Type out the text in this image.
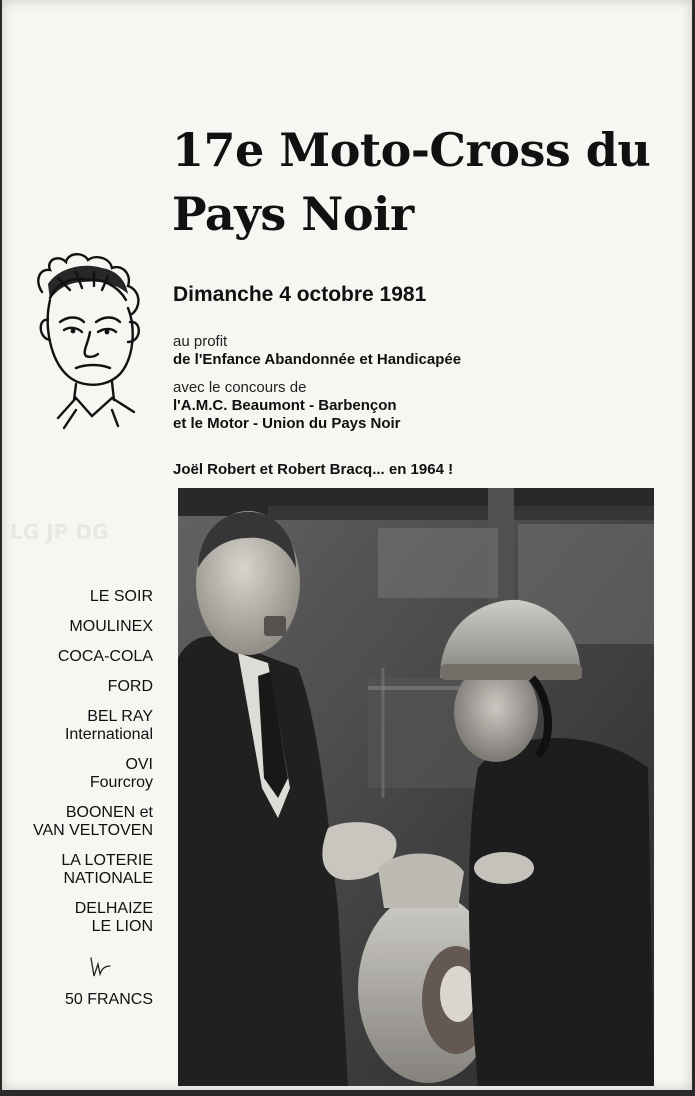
17e Moto-Cross du
Pays Noir
Dimanche 4 octobre 1981
au profit
de l'Enfance Abandonnée et Handicapée
avec le concours de
l'A.M.C. Beaumont - Barbençon
et le Motor - Union du Pays Noir
Joël Robert et Robert Bracq... en 1964 !
LE SOIR
MOULINEX
COCA-COLA
FORD
BEL RAY
International
OVI
Fourcroy
BOONEN et
VAN VELTOVEN
LA LOTERIE
NATIONALE
DELHAIZE
LE LION
50 FRANCS
LG JP DG
